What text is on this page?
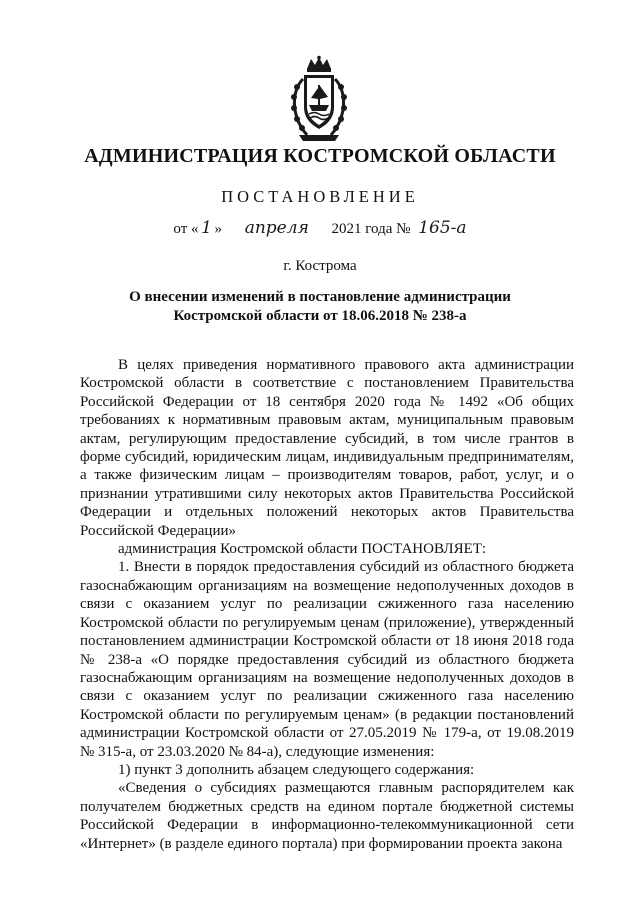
АДМИНИСТРАЦИЯ КОСТРОМСКОЙ ОБЛАСТИ
ПОСТАНОВЛЕНИЕ
от « 1 » апреля 2021 года № 165-а
г. Кострома
О внесении изменений в постановление администрации
Костромской области от 18.06.2018 № 238-а

В целях приведения нормативного правового акта администрации Костромской области в соответствие с постановлением Правительства Российской Федерации от 18 сентября 2020 года № 1492 «Об общих требованиях к нормативным правовым актам, муниципальным правовым актам, регулирующим предоставление субсидий, в том числе грантов в форме субсидий, юридическим лицам, индивидуальным предпринимателям, а также физическим лицам – производителям товаров, работ, услуг, и о признании утратившими силу некоторых актов Правительства Российской Федерации и отдельных положений некоторых актов Правительства Российской Федерации»

администрация Костромской области ПОСТАНОВЛЯЕТ:

1. Внести в порядок предоставления субсидий из областного бюджета газоснабжающим организациям на возмещение недополученных доходов в связи с оказанием услуг по реализации сжиженного газа населению Костромской области по регулируемым ценам (приложение), утвержденный постановлением администрации Костромской области от 18 июня 2018 года № 238-а «О порядке предоставления субсидий из областного бюджета газоснабжающим организациям на возмещение недополученных доходов в связи с оказанием услуг по реализации сжиженного газа населению Костромской области по регулируемым ценам» (в редакции постановлений администрации Костромской области от 27.05.2019 № 179-а, от 19.08.2019 № 315-а, от 23.03.2020 № 84-а), следующие изменения:

1) пункт 3 дополнить абзацем следующего содержания:

«Сведения о субсидиях размещаются главным распорядителем как получателем бюджетных средств на едином портале бюджетной системы Российской Федерации в информационно-телекоммуникационной сети «Интернет» (в разделе единого портала) при формировании проекта закона
